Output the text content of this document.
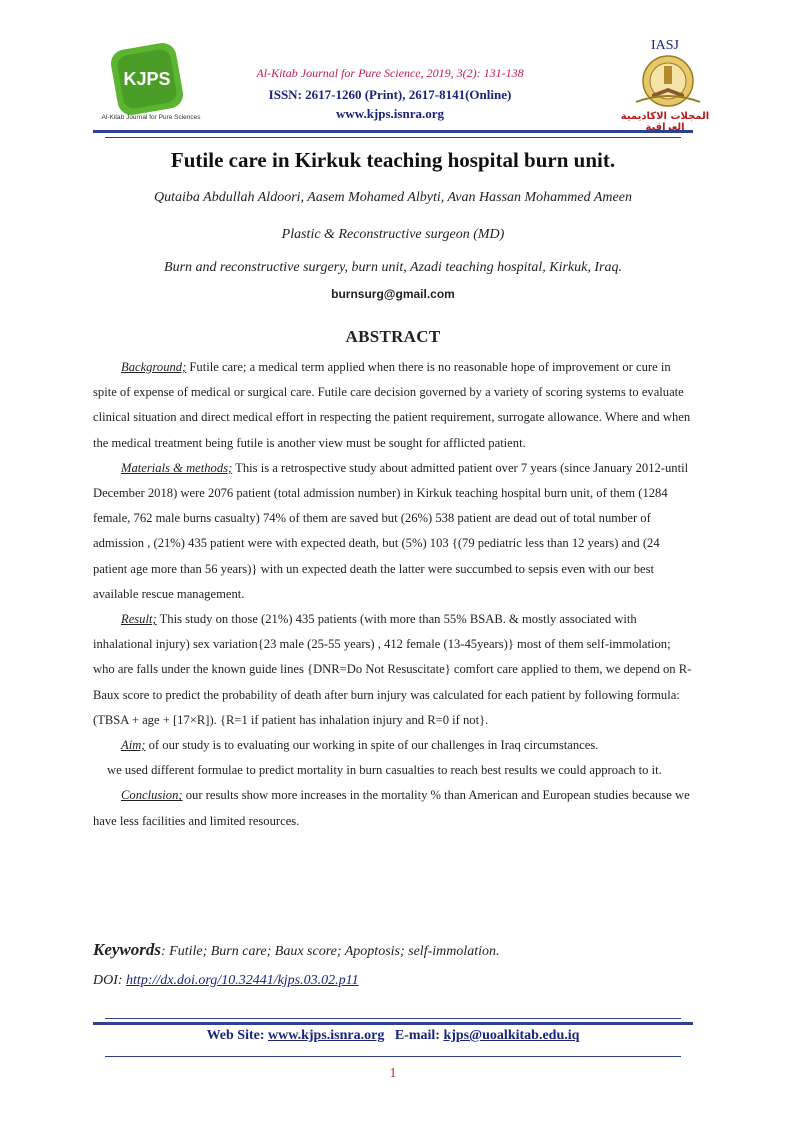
KJPS
Al-Kitab Journal for Pure Sciences
Al-Kitab Journal for Pure Science, 2019, 3(2): 131-138
ISSN: 2617-1260 (Print), 2617-8141(Online)
www.kjps.isnra.org
IASJ
المجلات الاكاديمية العراقية
Futile care in Kirkuk teaching hospital burn unit.
Qutaiba Abdullah Aldoori, Aasem Mohamed Albyti, Avan Hassan Mohammed Ameen
Plastic & Reconstructive surgeon (MD)
Burn and reconstructive surgery, burn unit, Azadi teaching hospital, Kirkuk, Iraq.
burnsurg@gmail.com
ABSTRACT

Background; Futile care; a medical term applied when there is no reasonable hope of improvement or cure in spite of expense of medical or surgical care. Futile care decision governed by a variety of scoring systems to evaluate clinical situation and direct medical effort in respecting the patient requirement, surrogate allowance. Where and when the medical treatment being futile is another view must be sought for afflicted patient.

Materials & methods; This is a retrospective study about admitted patient over 7 years (since January 2012-until December 2018) were 2076 patient (total admission number) in Kirkuk teaching hospital burn unit, of them (1284 female, 762 male burns casualty) 74% of them are saved but (26%) 538 patient are dead out of total number of admission , (21%) 435 patient were with expected death, but (5%) 103 {(79 pediatric less than 12 years) and (24 patient age more than 56 years)} with un expected death the latter were succumbed to sepsis even with our best available rescue management.

Result; This study on those (21%) 435 patients (with more than 55% BSAB. & mostly associated with inhalational injury) sex variation{23 male (25-55 years) , 412 female (13-45years)} most of them self-immolation; who are falls under the known guide lines {DNR=Do Not Resuscitate} comfort care applied to them, we depend on R-Baux score to predict the probability of death after burn injury was calculated for each patient by following formula:

(TBSA + age + [17×R]). {R=1 if patient has inhalation injury and R=0 if not}.

Aim; of our study is to evaluating our working in spite of our challenges in Iraq circumstances.

we used different formulae to predict mortality in burn casualties to reach best results we could approach to it.

Conclusion; our results show more increases in the mortality % than American and European studies because we have less facilities and limited resources.

Keywords: Futile; Burn care; Baux score; Apoptosis; self-immolation.
DOI: http://dx.doi.org/10.32441/kjps.03.02.p11
Web Site: www.kjps.isnra.org E-mail: kjps@uoalkitab.edu.iq
1
